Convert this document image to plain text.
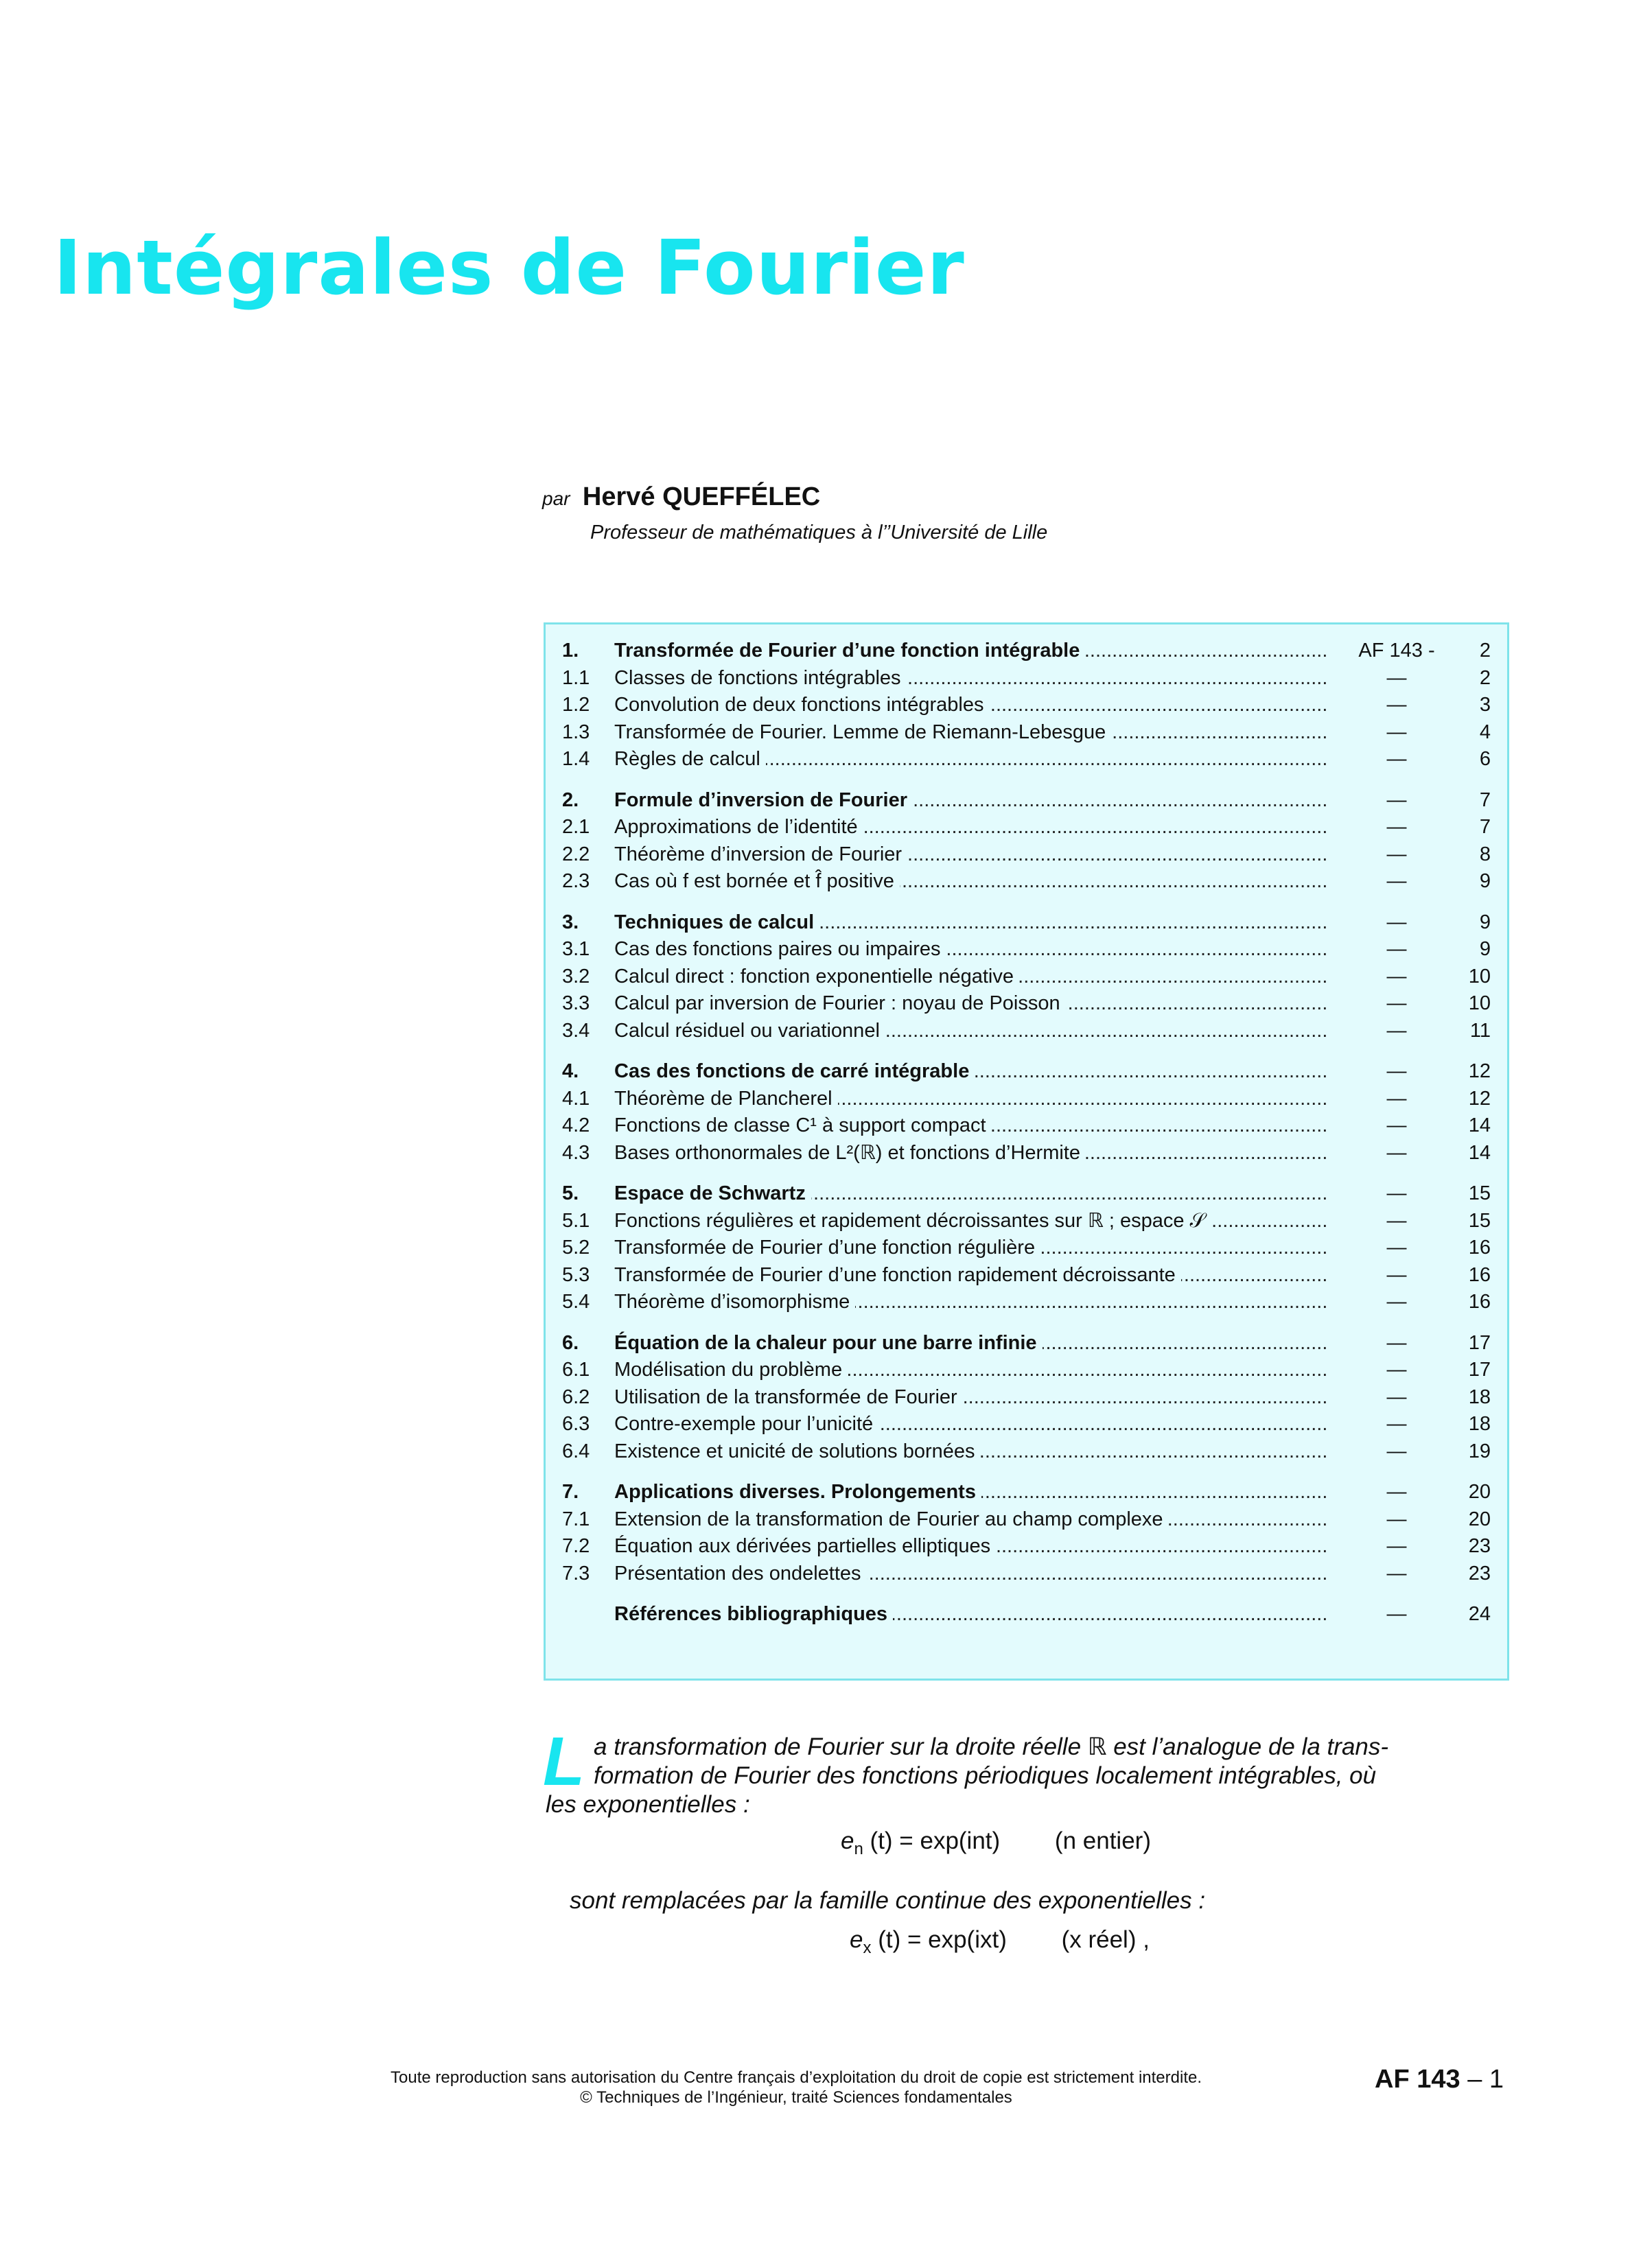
Intégrales de Fourier
par Hervé QUEFFÉLEC
Professeur de mathématiques à l’’Université de Lille
1. Transformée de Fourier d’une fonction intégrable .....	AF 143 -	2
1.1 Classes de fonctions intégrables .....	—	2
1.2 Convolution de deux fonctions intégrables .....	—	3
1.3 Transformée de Fourier. Lemme de Riemann-Lebesgue .....	—	4
1.4 Règles de calcul .....	—	6
2. Formule d’inversion de Fourier .....	—	7
2.1 Approximations de l’identité .....	—	7
2.2 Théorème d’inversion de Fourier .....	—	8
2.3 Cas où f est bornée et f̂ positive .....	—	9
3. Techniques de calcul .....	—	9
3.1 Cas des fonctions paires ou impaires .....	—	9
3.2 Calcul direct : fonction exponentielle négative .....	—	10
3.3 Calcul par inversion de Fourier : noyau de Poisson .....	—	10
3.4 Calcul résiduel ou variationnel .....	—	11
4. Cas des fonctions de carré intégrable .....	—	12
4.1 Théorème de Plancherel .....	—	12
4.2 Fonctions de classe C¹ à support compact .....	—	14
4.3 Bases orthonormales de L²(ℝ) et fonctions d’Hermite .....	—	14
5. Espace de Schwartz .....	—	15
5.1 Fonctions régulières et rapidement décroissantes sur ℝ ; espace 𝒮 .....	—	15
5.2 Transformée de Fourier d’une fonction régulière .....	—	16
5.3 Transformée de Fourier d’une fonction rapidement décroissante .....	—	16
5.4 Théorème d’isomorphisme .....	—	16
6. Équation de la chaleur pour une barre infinie .....	—	17
6.1 Modélisation du problème .....	—	17
6.2 Utilisation de la transformée de Fourier .....	—	18
6.3 Contre-exemple pour l’unicité .....	—	18
6.4 Existence et unicité de solutions bornées .....	—	19
7. Applications diverses. Prolongements .....	—	20
7.1 Extension de la transformation de Fourier au champ complexe .....	—	20
7.2 Équation aux dérivées partielles elliptiques .....	—	23
7.3 Présentation des ondelettes .....	—	23
Références bibliographiques .....	—	24
L a transformation de Fourier sur la droite réelle ℝ est l’analogue de la trans-

formation de Fourier des fonctions périodiques localement intégrables, où

les exponentielles :

$e_n$ (t) = exp(int) (n entier)
sont remplacées par la famille continue des exponentielles :
$e_x$ (t) = exp(ixt) (x réel) ,
Toute reproduction sans autorisation du Centre français d’exploitation du droit de copie est strictement interdite.
© Techniques de l’Ingénieur, traité Sciences fondamentales
AF 143 – 1
